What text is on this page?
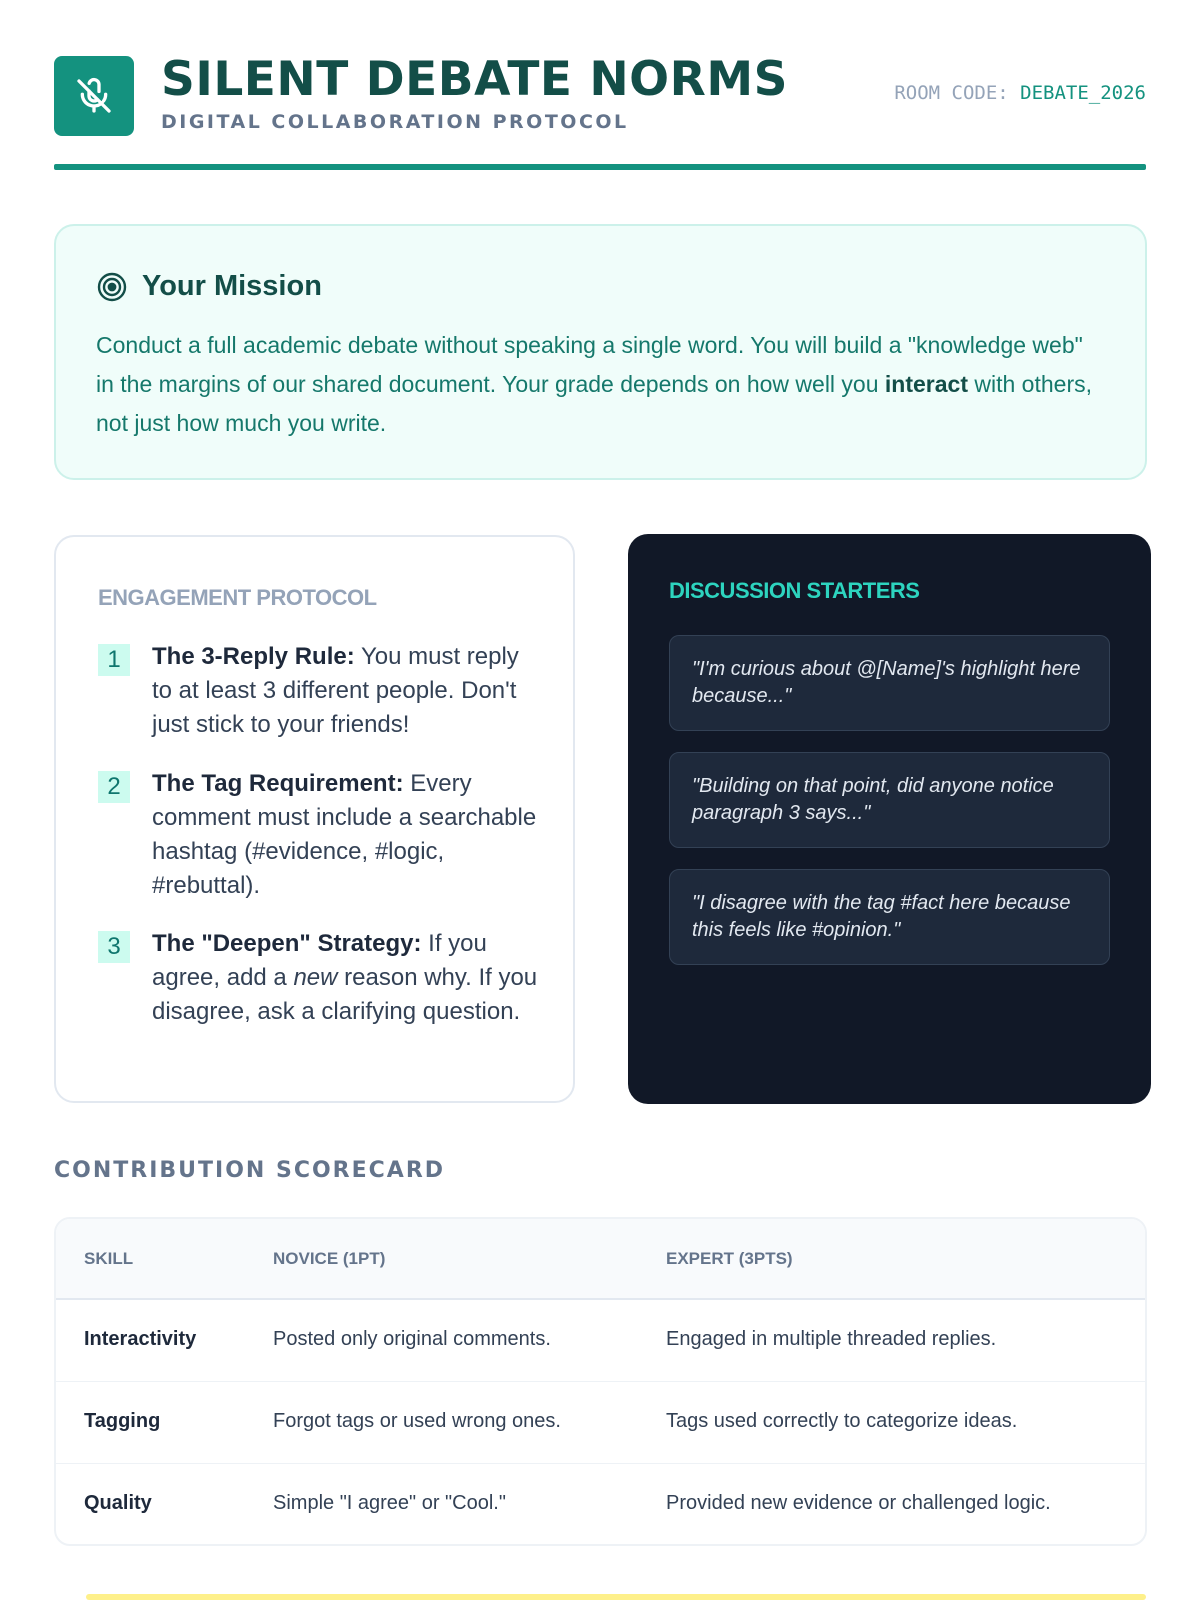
SILENT DEBATE NORMS
DIGITAL COLLABORATION PROTOCOL
ROOM CODE: DEBATE_2026
Your Mission

Conduct a full academic debate without speaking a single word. You will build a "knowledge web" in the margins of our shared document. Your grade depends on how well you interact with others, not just how much you write.

ENGAGEMENT PROTOCOL
1	The 3-Reply Rule: You must reply to at least 3 different people. Don't just stick to your friends!

2	The Tag Requirement: Every comment must include a searchable hashtag (#evidence, #logic, #rebuttal).

3	The "Deepen" Strategy: If you agree, add a new reason why. If you disagree, ask a clarifying question.

DISCUSSION STARTERS
"I'm curious about @[Name]'s highlight here because..."
"Building on that point, did anyone notice paragraph 3 says..."
"I disagree with the tag #fact here because this feels like #opinion."
CONTRIBUTION SCORECARD
SKILL	NOVICE (1PT)	EXPERT (3PTS)
Interactivity	Posted only original comments.	Engaged in multiple threaded replies.
Tagging	Forgot tags or used wrong ones.	Tags used correctly to categorize ideas.
Quality	Simple "I agree" or "Cool."	Provided new evidence or challenged logic.
